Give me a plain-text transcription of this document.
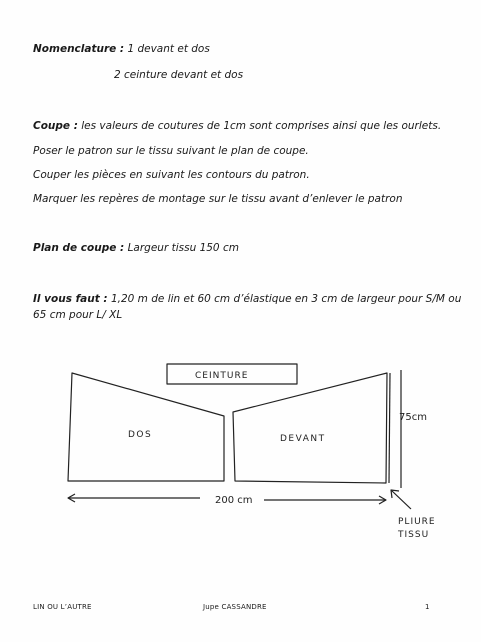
Nomenclature : 1 devant et dos
2 ceinture devant et dos
Coupe : les valeurs de coutures de 1cm sont comprises ainsi que les ourlets.
Poser le patron sur le tissu suivant le plan de coupe.
Couper les pièces en suivant les contours du patron.
Marquer les repères de montage sur le tissu avant d’enlever le patron
Plan de coupe : Largeur tissu 150 cm
Il vous faut : 1,20 m de lin et 60 cm d’élastique en 3 cm de largeur pour S/M ou
65 cm pour L/ XL
CEINTURE
DOS	DEVANT
75cm
200 cm
PLIURE
TISSU
LIN OU L’AUTRE	Jupe CASSANDRE	1
